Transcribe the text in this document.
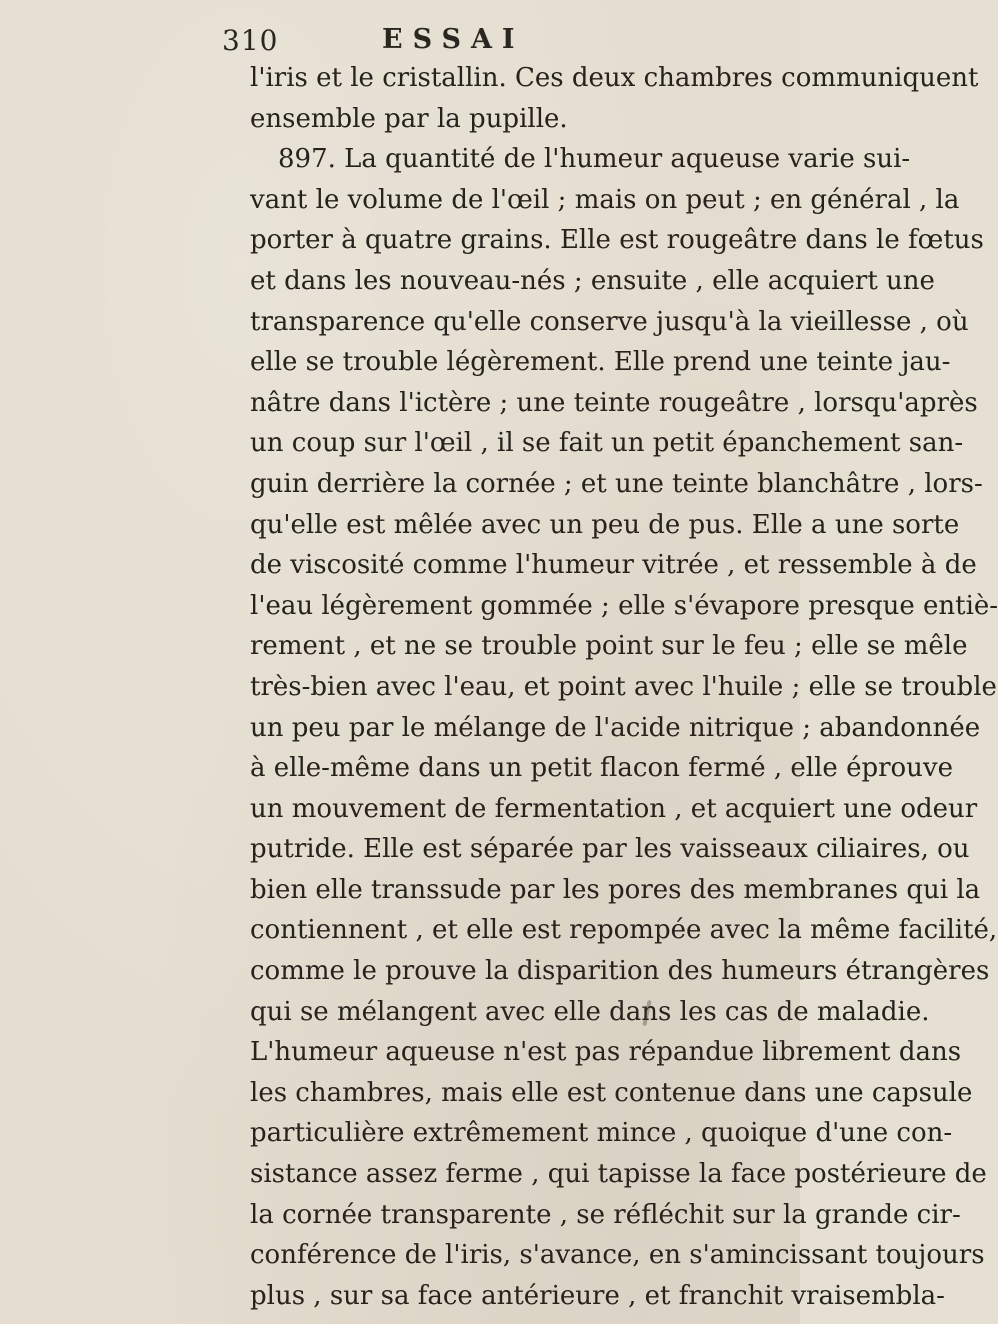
310	ESSAI
l'iris et le cristallin. Ces deux chambres communiquent
ensemble par la pupille.
897. La quantité de l'humeur aqueuse varie sui-
vant le volume de l'œil ; mais on peut ; en général , la
porter à quatre grains. Elle est rougeâtre dans le fœtus
et dans les nouveau-nés ; ensuite , elle acquiert une
transparence qu'elle conserve jusqu'à la vieillesse , où
elle se trouble légèrement. Elle prend une teinte jau-
nâtre dans l'ictère ; une teinte rougeâtre , lorsqu'après
un coup sur l'œil , il se fait un petit épanchement san-
guin derrière la cornée ; et une teinte blanchâtre , lors-
qu'elle est mêlée avec un peu de pus. Elle a une sorte
de viscosité comme l'humeur vitrée , et ressemble à de
l'eau légèrement gommée ; elle s'évapore presque entiè-
rement , et ne se trouble point sur le feu ; elle se mêle
très-bien avec l'eau, et point avec l'huile ; elle se trouble
un peu par le mélange de l'acide nitrique ; abandonnée
à elle-même dans un petit flacon fermé , elle éprouve
un mouvement de fermentation , et acquiert une odeur
putride. Elle est séparée par les vaisseaux ciliaires, ou
bien elle transsude par les pores des membranes qui la
contiennent , et elle est repompée avec la même facilité,
comme le prouve la disparition des humeurs étrangères
qui se mélangent avec elle dans les cas de maladie.
L'humeur aqueuse n'est pas répandue librement dans
les chambres, mais elle est contenue dans une capsule
particulière extrêmement mince , quoique d'une con-
sistance assez ferme , qui tapisse la face postérieure de
la cornée transparente , se réfléchit sur la grande cir-
conférence de l'iris, s'avance, en s'amincissant toujours
plus , sur sa face antérieure , et franchit vraisembla-
